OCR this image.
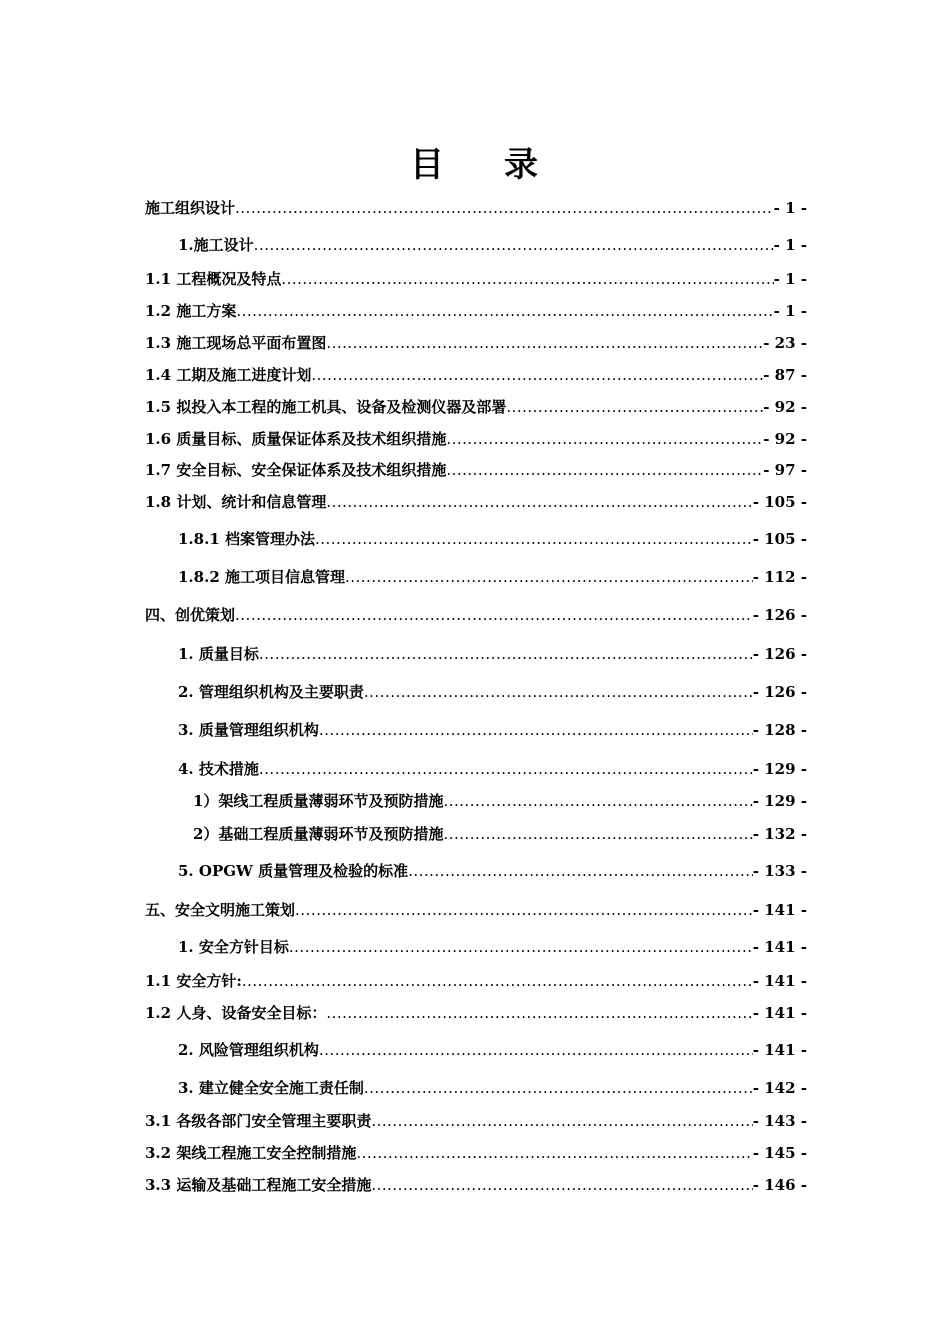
目 录
施工组织设计 .....	- 1 -
1.施工设计 .....	- 1 -
1.1 工程概况及特点 .....	- 1 -
1.2 施工方案 .....	- 1 -
1.3 施工现场总平面布置图 .....	- 23 -
1.4 工期及施工进度计划 .....	- 87 -
1.5 拟投入本工程的施工机具、设备及检测仪器及部署 .....	- 92 -
1.6 质量目标、质量保证体系及技术组织措施 .....	- 92 -
1.7 安全目标、安全保证体系及技术组织措施 .....	- 97 -
1.8 计划、统计和信息管理 .....	- 105 -
1.8.1 档案管理办法 .....	- 105 -
1.8.2 施工项目信息管理 .....	- 112 -
四、创优策划 .....	- 126 -
1. 质量目标 .....	- 126 -
2. 管理组织机构及主要职责 .....	- 126 -
3. 质量管理组织机构 .....	- 128 -
4. 技术措施 .....	- 129 -
1）架线工程质量薄弱环节及预防措施 .....	- 129 -
2）基础工程质量薄弱环节及预防措施 .....	- 132 -
5. OPGW 质量管理及检验的标准 .....	- 133 -
五、安全文明施工策划 .....	- 141 -
1. 安全方针目标 .....	- 141 -
1.1 安全方针: .....	- 141 -
1.2 人身、设备安全目标： .....	- 141 -
2. 风险管理组织机构 .....	- 141 -
3. 建立健全安全施工责任制 .....	- 142 -
3.1 各级各部门安全管理主要职责 .....	- 143 -
3.2 架线工程施工安全控制措施 .....	- 145 -
3.3 运输及基础工程施工安全措施 .....	- 146 -
